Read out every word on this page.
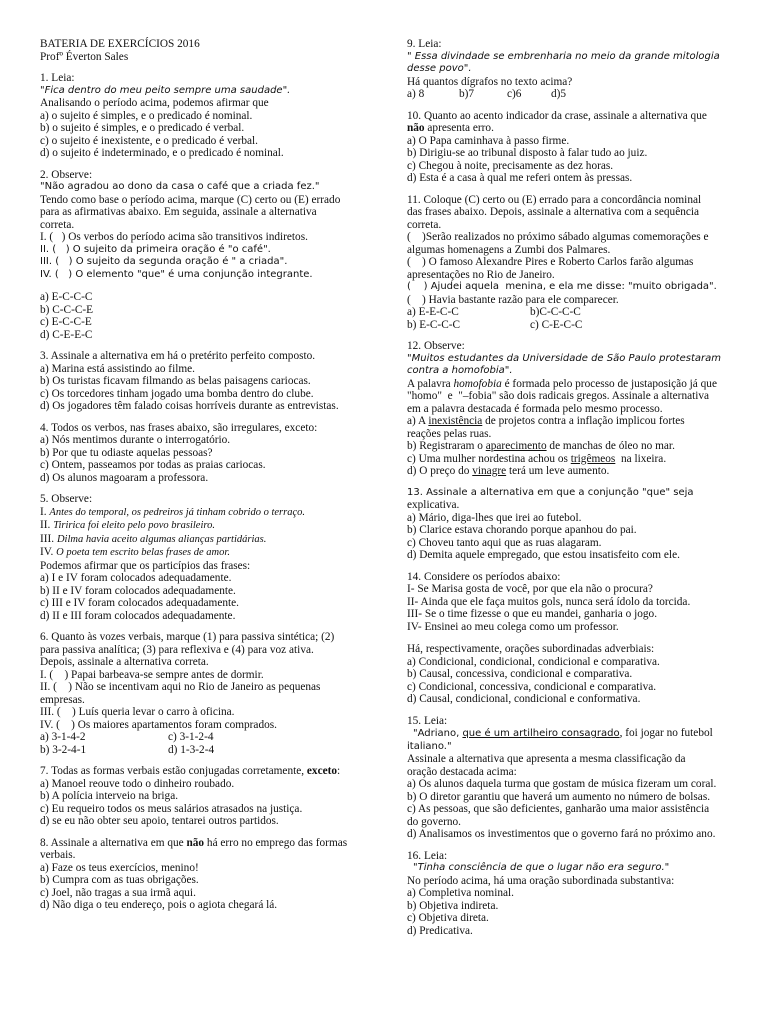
BATERIA DE EXERCÍCIOS 2016
Profº Éverton Sales
1. Leia:
"Fica dentro do meu peito sempre uma saudade".
Analisando o período acima, podemos afirmar que
a) o sujeito é simples, e o predicado é nominal.
b) o sujeito é simples, e o predicado é verbal.
c) o sujeito é inexistente, e o predicado é verbal.
d) o sujeito é indeterminado, e o predicado é nominal.
2. Observe:
"Não agradou ao dono da casa o café que a criada fez."
Tendo como base o período acima, marque (C) certo ou (E) errado
para as afirmativas abaixo. Em seguida, assinale a alternativa
correta.
I. (   ) Os verbos do período acima são transitivos indiretos.
II. (   ) O sujeito da primeira oração é "o café".
III. (   ) O sujeito da segunda oração é " a criada".
IV. (   ) O elemento "que" é uma conjunção integrante.
a) E-C-C-C
b) C-C-C-E
c) E-C-C-E
d) C-E-E-C
3. Assinale a alternativa em há o pretérito perfeito composto.
a) Marina está assistindo ao filme.
b) Os turistas ficavam filmando as belas paisagens cariocas.
c) Os torcedores tinham jogado uma bomba dentro do clube.
d) Os jogadores têm falado coisas horríveis durante as entrevistas.
4. Todos os verbos, nas frases abaixo, são irregulares, exceto:
a) Nós mentimos durante o interrogatório.
b) Por que tu odiaste aquelas pessoas?
c) Ontem, passeamos por todas as praias cariocas.
d) Os alunos magoaram a professora.
5. Observe:
I. Antes do temporal, os pedreiros já tinham cobrido o terraço.
II. Tiririca foi eleito pelo povo brasileiro.
III. Dilma havia aceito algumas alianças partidárias.
IV. O poeta tem escrito belas frases de amor.
Podemos afirmar que os particípios das frases:
a) I e IV foram colocados adequadamente.
b) II e IV foram colocados adequadamente.
c) III e IV foram colocados adequadamente.
d) II e III foram colocados adequadamente.
6. Quanto às vozes verbais, marque (1) para passiva sintética; (2)
para passiva analítica; (3) para reflexiva e (4) para voz ativa.
Depois, assinale a alternativa correta.
I. (    ) Papai barbeava-se sempre antes de dormir.
II. (    ) Não se incentivam aqui no Rio de Janeiro as pequenas
empresas.
III. (    ) Luís queria levar o carro à oficina.
IV. (    ) Os maiores apartamentos foram comprados.
a) 3-1-4-2	c) 3-1-2-4
b) 3-2-4-1	d) 1-3-2-4
7. Todas as formas verbais estão conjugadas corretamente, exceto:
a) Manoel reouve todo o dinheiro roubado.
b) A polícia interveio na briga.
c) Eu requeiro todos os meus salários atrasados na justiça.
d) se eu não obter seu apoio, tentarei outros partidos.
8. Assinale a alternativa em que não há erro no emprego das formas
verbais.
a) Faze os teus exercícios, menino!
b) Cumpra com as tuas obrigações.
c) Joel, não tragas a sua irmã aqui.
d) Não diga o teu endereço, pois o agiota chegará lá.
9. Leia:
" Essa divindade se embrenharia no meio da grande mitologia
desse povo".
Há quantos dígrafos no texto acima?
a) 8	b)7	c)6	d)5
10. Quanto ao acento indicador da crase, assinale a alternativa que
não apresenta erro.
a) O Papa caminhava à passo firme.
b) Dirigiu-se ao tribunal disposto à falar tudo ao juiz.
c) Chegou à noite, precisamente as dez horas.
d) Esta é a casa à qual me referi ontem às pressas.
11. Coloque (C) certo ou (E) errado para a concordância nominal
das frases abaixo. Depois, assinale a alternativa com a sequência
correta.
(    )Serão realizados no próximo sábado algumas comemorações e
algumas homenagens a Zumbi dos Palmares.
(    ) O famoso Alexandre Pires e Roberto Carlos farão algumas
apresentações no Rio de Janeiro.
(    ) Ajudei aquela  menina, e ela me disse: "muito obrigada".
(    ) Havia bastante razão para ele comparecer.
a) E-E-C-C	b)C-C-C-C
b) E-C-C-C	c) C-E-C-C
12. Observe:
"Muitos estudantes da Universidade de São Paulo protestaram
contra a homofobia".
A palavra homofobia é formada pelo processo de justaposição já que
"homo"  e  "–fobia" são dois radicais gregos. Assinale a alternativa
em a palavra destacada é formada pelo mesmo processo.
a) A inexistência de projetos contra a inflação implicou fortes
reações pelas ruas.
b) Registraram o aparecimento de manchas de óleo no mar.
c) Uma mulher nordestina achou os trigêmeos  na lixeira.
d) O preço do vinagre terá um leve aumento.
13. Assinale a alternativa em que a conjunção "que" seja
explicativa.
a) Mário, diga-lhes que irei ao futebol.
b) Clarice estava chorando porque apanhou do pai.
c) Choveu tanto aqui que as ruas alagaram.
d) Demita aquele empregado, que estou insatisfeito com ele.
14. Considere os períodos abaixo:
I- Se Marisa gosta de você, por que ela não o procura?
II- Ainda que ele faça muitos gols, nunca será ídolo da torcida.
III- Se o time fizesse o que eu mandei, ganharia o jogo.
IV- Ensinei ao meu colega como um professor.
Há, respectivamente, orações subordinadas adverbiais:
a) Condicional, condicional, condicional e comparativa.
b) Causal, concessiva, condicional e comparativa.
c) Condicional, concessiva, condicional e comparativa.
d) Causal, condicional, condicional e conformativa.
15. Leia:
"Adriano, que é um artilheiro consagrado, foi jogar no futebol
italiano."
Assinale a alternativa que apresenta a mesma classificação da
oração destacada acima:
a) Os alunos daquela turma que gostam de música fizeram um coral.
b) O diretor garantiu que haverá um aumento no número de bolsas.
c) As pessoas, que são deficientes, ganharão uma maior assistência
do governo.
d) Analisamos os investimentos que o governo fará no próximo ano.
16. Leia:
"Tinha consciência de que o lugar não era seguro."
No período acima, há uma oração subordinada substantiva:
a) Completiva nominal.
b) Objetiva indireta.
c) Objetiva direta.
d) Predicativa.
